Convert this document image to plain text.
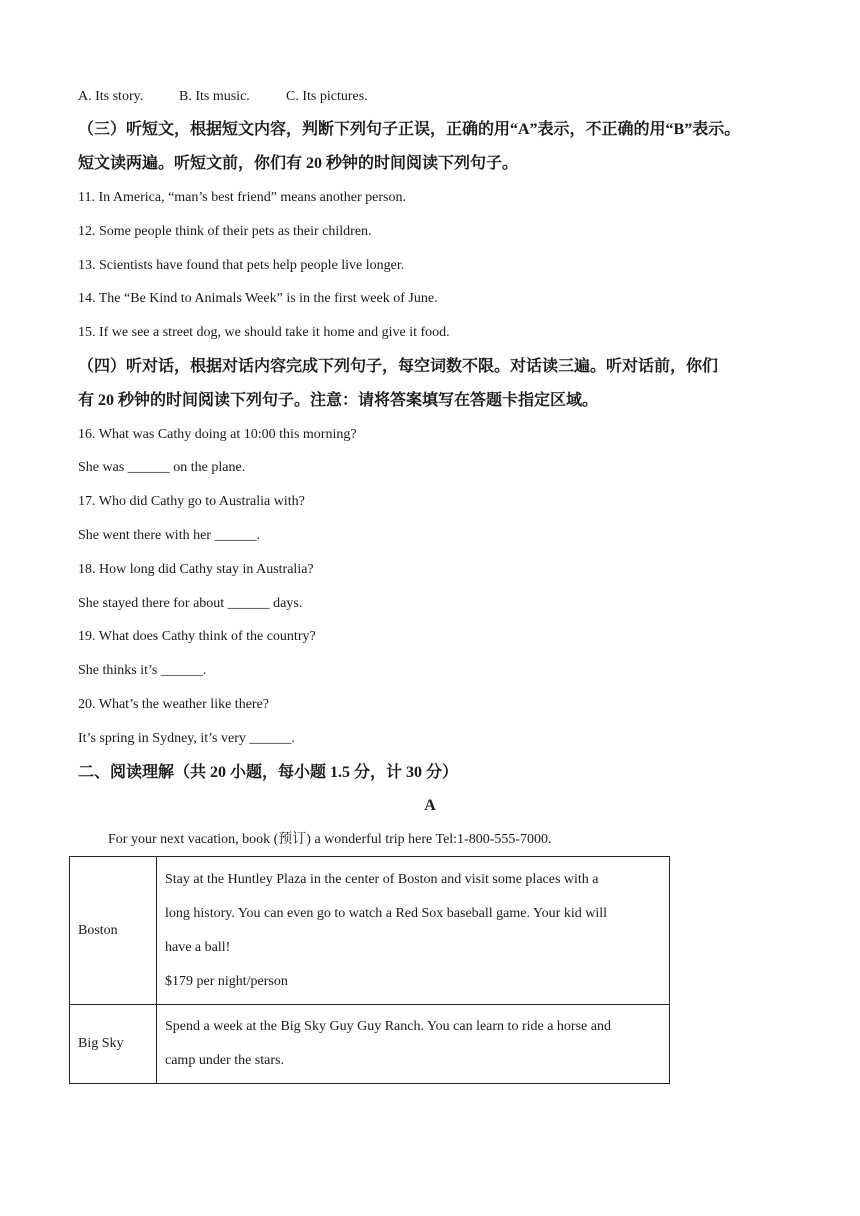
A. Its story.	B. Its music.	C. Its pictures.
（三）听短文，根据短文内容，判断下列句子正误，正确的用“A”表示，不正确的用“B”表示。
短文读两遍。听短文前，你们有 20 秒钟的时间阅读下列句子。
11. In America, “man’s best friend” means another person.
12. Some people think of their pets as their children.
13. Scientists have found that pets help people live longer.
14. The “Be Kind to Animals Week” is in the first week of June.
15. If we see a street dog, we should take it home and give it food.
（四）听对话，根据对话内容完成下列句子，每空词数不限。对话读三遍。听对话前，你们
有 20 秒钟的时间阅读下列句子。注意：请将答案填写在答题卡指定区域。
16. What was Cathy doing at 10:00 this morning?
She was ______ on the plane.
17. Who did Cathy go to Australia with?
She went there with her ______.
18. How long did Cathy stay in Australia?
She stayed there for about ______ days.
19. What does Cathy think of the country?
She thinks it’s ______.
20. What’s the weather like there?
It’s spring in Sydney, it’s very ______.
二、阅读理解（共 20 小题，每小题 1.5 分，计 30 分）
A
For your next vacation, book (预订) a wonderful trip here Tel:1-800-555-7000.
Boston	Stay at the Huntley Plaza in the center of Boston and visit some places with a
long history. You can even go to watch a Red Sox baseball game. Your kid will
have a ball!
$179 per night/person

Big Sky	Spend a week at the Big Sky Guy Guy Ranch. You can learn to ride a horse and
camp under the stars.
